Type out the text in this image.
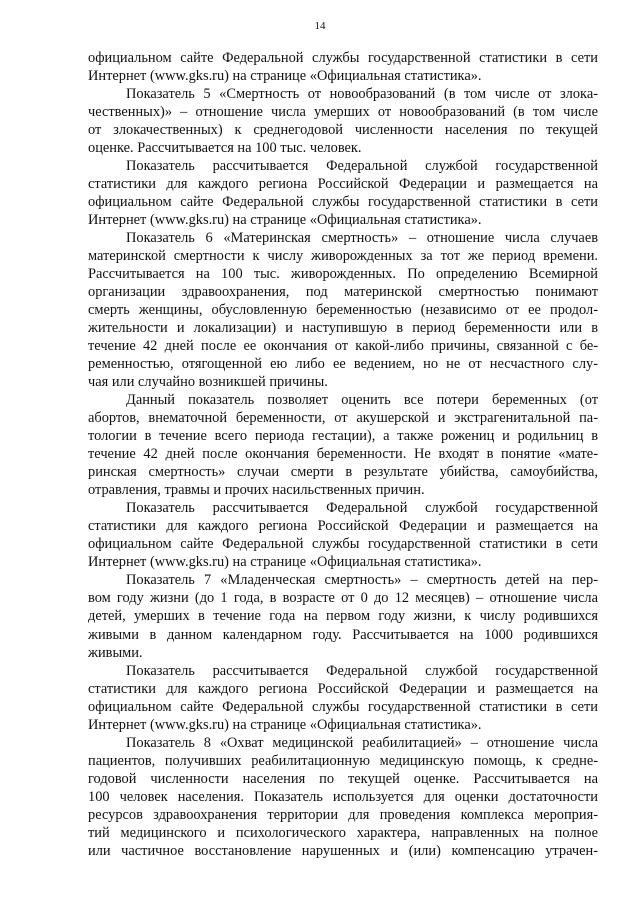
14
официальном сайте Федеральной службы государственной статистики в сети
Интернет (www.gks.ru) на странице «Официальная статистика».
Показатель 5 «Смертность от новообразований (в том числе от злока-
чественных)» – отношение числа умерших от новообразований (в том числе
от злокачественных) к среднегодовой численности населения по текущей
оценке. Рассчитывается на 100 тыс. человек.
Показатель рассчитывается Федеральной службой государственной
статистики для каждого региона Российской Федерации и размещается на
официальном сайте Федеральной службы государственной статистики в сети
Интернет (www.gks.ru) на странице «Официальная статистика».
Показатель 6 «Материнская смертность» – отношение числа случаев
материнской смертности к числу живорожденных за тот же период времени.
Рассчитывается на 100 тыс. живорожденных. По определению Всемирной
организации здравоохранения, под материнской смертностью понимают
смерть женщины, обусловленную беременностью (независимо от ее продол-
жительности и локализации) и наступившую в период беременности или в
течение 42 дней после ее окончания от какой-либо причины, связанной с бе-
ременностью, отягощенной ею либо ее ведением, но не от несчастного слу-
чая или случайно возникшей причины.
Данный показатель позволяет оценить все потери беременных (от
абортов, внематочной беременности, от акушерской и экстрагенитальной па-
тологии в течение всего периода гестации), а также рожениц и родильниц в
течение 42 дней после окончания беременности. Не входят в понятие «мате-
ринская смертность» случаи смерти в результате убийства, самоубийства,
отравления, травмы и прочих насильственных причин.
Показатель рассчитывается Федеральной службой государственной
статистики для каждого региона Российской Федерации и размещается на
официальном сайте Федеральной службы государственной статистики в сети
Интернет (www.gks.ru) на странице «Официальная статистика».
Показатель 7 «Младенческая смертность» – смертность детей на пер-
вом году жизни (до 1 года, в возрасте от 0 до 12 месяцев) – отношение числа
детей, умерших в течение года на первом году жизни, к числу родившихся
живыми в данном календарном году. Рассчитывается на 1000 родившихся
живыми.
Показатель рассчитывается Федеральной службой государственной
статистики для каждого региона Российской Федерации и размещается на
официальном сайте Федеральной службы государственной статистики в сети
Интернет (www.gks.ru) на странице «Официальная статистика».
Показатель 8 «Охват медицинской реабилитацией» – отношение числа
пациентов, получивших реабилитационную медицинскую помощь, к средне-
годовой численности населения по текущей оценке. Рассчитывается на
100 человек населения. Показатель используется для оценки достаточности
ресурсов здравоохранения территории для проведения комплекса мероприя-
тий медицинского и психологического характера, направленных на полное
или частичное восстановление нарушенных и (или) компенсацию утрачен-
